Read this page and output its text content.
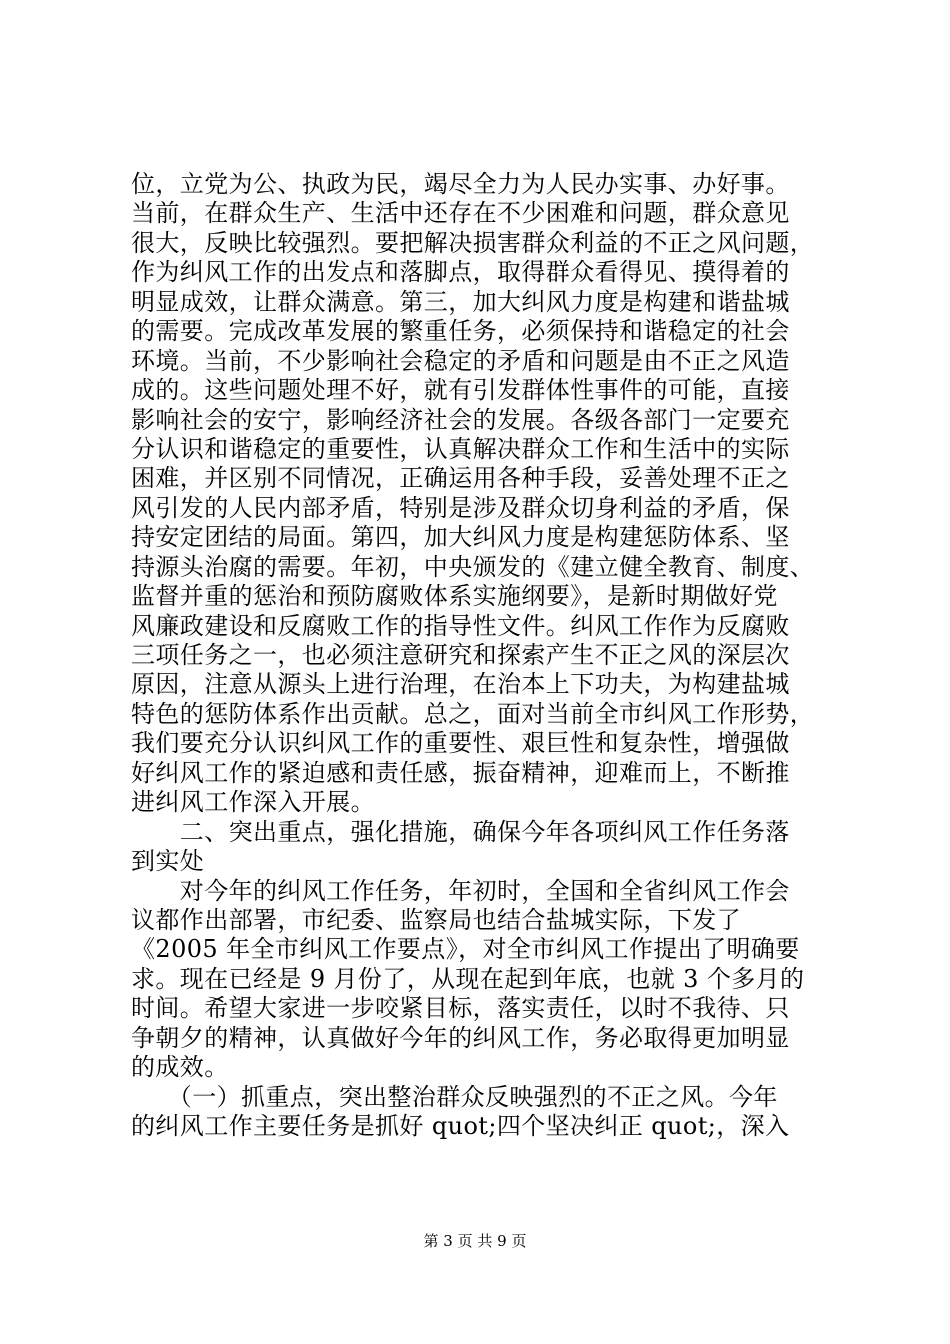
位，立党为公、执政为民，竭尽全力为人民办实事、办好事。
当前，在群众生产、生活中还存在不少困难和问题，群众意见
很大，反映比较强烈。要把解决损害群众利益的不正之风问题，
作为纠风工作的出发点和落脚点，取得群众看得见、摸得着的
明显成效，让群众满意。第三，加大纠风力度是构建和谐盐城
的需要。完成改革发展的繁重任务，必须保持和谐稳定的社会
环境。当前，不少影响社会稳定的矛盾和问题是由不正之风造
成的。这些问题处理不好，就有引发群体性事件的可能，直接
影响社会的安宁，影响经济社会的发展。各级各部门一定要充
分认识和谐稳定的重要性，认真解决群众工作和生活中的实际
困难，并区别不同情况，正确运用各种手段，妥善处理不正之
风引发的人民内部矛盾，特别是涉及群众切身利益的矛盾，保
持安定团结的局面。第四，加大纠风力度是构建惩防体系、坚
持源头治腐的需要。年初，中央颁发的《建立健全教育、制度、
监督并重的惩治和预防腐败体系实施纲要》，是新时期做好党
风廉政建设和反腐败工作的指导性文件。纠风工作作为反腐败
三项任务之一，也必须注意研究和探索产生不正之风的深层次
原因，注意从源头上进行治理，在治本上下功夫，为构建盐城
特色的惩防体系作出贡献。总之，面对当前全市纠风工作形势，
我们要充分认识纠风工作的重要性、艰巨性和复杂性，增强做
好纠风工作的紧迫感和责任感，振奋精神，迎难而上，不断推
进纠风工作深入开展。
　　二、突出重点，强化措施，确保今年各项纠风工作任务落
到实处
　　对今年的纠风工作任务，年初时，全国和全省纠风工作会
议都作出部署，市纪委、监察局也结合盐城实际，下发了
《2005 年全市纠风工作要点》，对全市纠风工作提出了明确要
求。现在已经是 9 月份了，从现在起到年底，也就 3 个多月的
时间。希望大家进一步咬紧目标，落实责任，以时不我待、只
争朝夕的精神，认真做好今年的纠风工作，务必取得更加明显
的成效。
　　（一）抓重点，突出整治群众反映强烈的不正之风。今年
的纠风工作主要任务是抓好 quot;四个坚决纠正 quot;，深入
第 3 页 共 9 页
